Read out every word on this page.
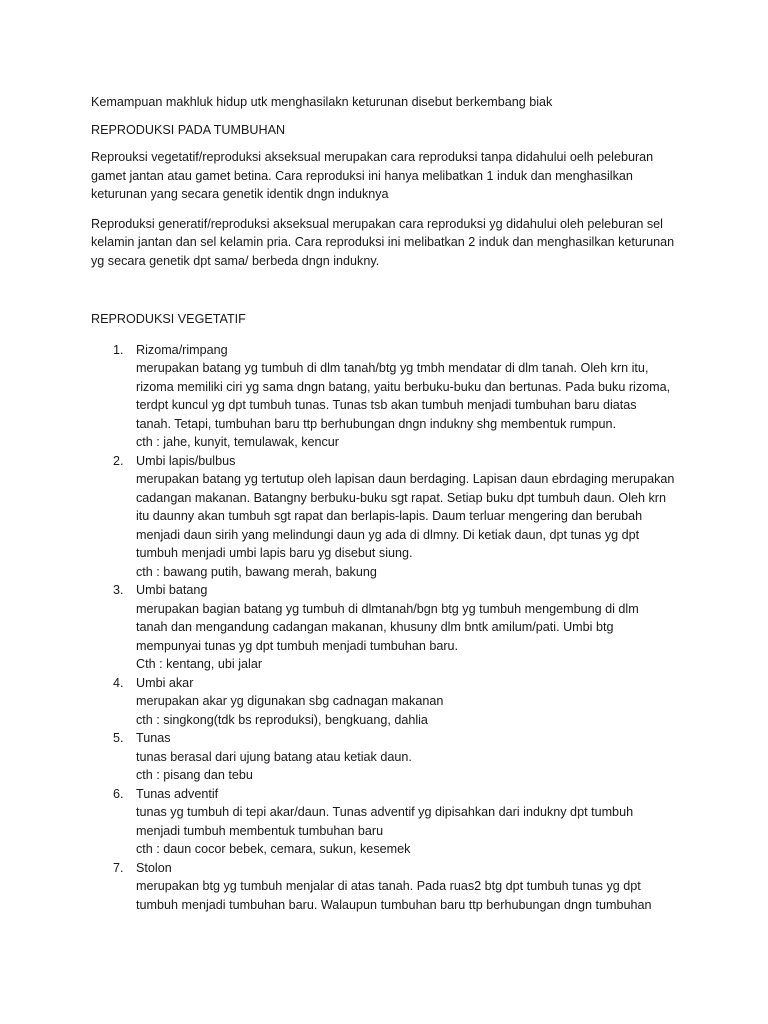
Kemampuan makhluk hidup utk menghasilakn keturunan disebut berkembang biak

REPRODUKSI PADA TUMBUHAN

Reprouksi vegetatif/reproduksi akseksual merupakan cara reproduksi tanpa didahului oelh peleburan
gamet jantan atau gamet betina. Cara reproduksi ini hanya melibatkan 1 induk dan menghasilkan
keturunan yang secara genetik identik dngn induknya

Reproduksi generatif/reproduksi akseksual merupakan cara reproduksi yg didahului oleh peleburan sel
kelamin jantan dan sel kelamin pria. Cara reproduksi ini melibatkan 2 induk dan menghasilkan keturunan
yg secara genetik dpt sama/ berbeda dngn indukny.

REPRODUKSI VEGETATIF

1. Rizoma/rimpang
merupakan batang yg tumbuh di dlm tanah/btg yg tmbh mendatar di dlm tanah. Oleh krn itu,
rizoma memiliki ciri yg sama dngn batang, yaitu berbuku-buku dan bertunas. Pada buku rizoma,
terdpt kuncul yg dpt tumbuh tunas. Tunas tsb akan tumbuh menjadi tumbuhan baru diatas
tanah. Tetapi, tumbuhan baru ttp berhubungan dngn indukny shg membentuk rumpun.
cth : jahe, kunyit, temulawak, kencur
2. Umbi lapis/bulbus
merupakan batang yg tertutup oleh lapisan daun berdaging. Lapisan daun ebrdaging merupakan
cadangan makanan. Batangny berbuku-buku sgt rapat. Setiap buku dpt tumbuh daun. Oleh krn
itu daunny akan tumbuh sgt rapat dan berlapis-lapis. Daum terluar mengering dan berubah
menjadi daun sirih yang melindungi daun yg ada di dlmny. Di ketiak daun, dpt tunas yg dpt
tumbuh menjadi umbi lapis baru yg disebut siung.
cth : bawang putih, bawang merah, bakung
3. Umbi batang
merupakan bagian batang yg tumbuh di dlmtanah/bgn btg yg tumbuh mengembung di dlm
tanah dan mengandung cadangan makanan, khusuny dlm bntk amilum/pati. Umbi btg
mempunyai tunas yg dpt tumbuh menjadi tumbuhan baru.
Cth : kentang, ubi jalar
4. Umbi akar
merupakan akar yg digunakan sbg cadnagan makanan
cth : singkong(tdk bs reproduksi), bengkuang, dahlia
5. Tunas
tunas berasal dari ujung batang atau ketiak daun.
cth : pisang dan tebu
6. Tunas adventif
tunas yg tumbuh di tepi akar/daun. Tunas adventif yg dipisahkan dari indukny dpt tumbuh
menjadi tumbuh membentuk tumbuhan baru
cth : daun cocor bebek, cemara, sukun, kesemek
7. Stolon
merupakan btg yg tumbuh menjalar di atas tanah. Pada ruas2 btg dpt tumbuh tunas yg dpt
tumbuh menjadi tumbuhan baru. Walaupun tumbuhan baru ttp berhubungan dngn tumbuhan
